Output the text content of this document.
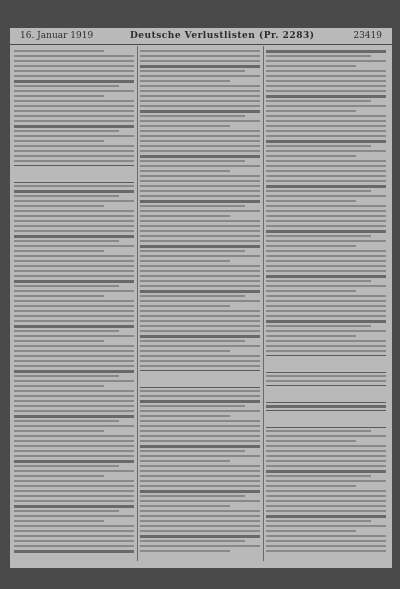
16. Januar 1919	Deutsche Verlustlisten (Pr. 2283)	23419
